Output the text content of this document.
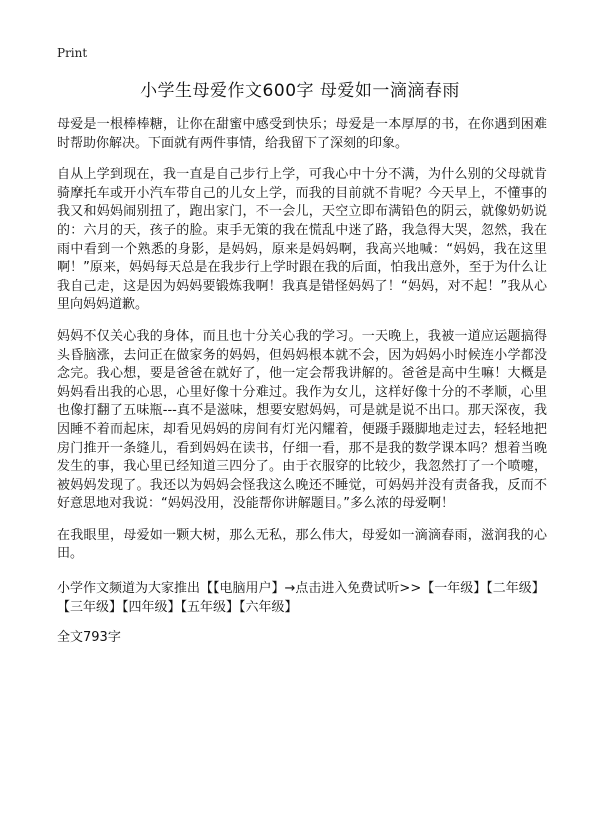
Print
小学生母爱作文600字 母爱如一滴滴春雨

母爱是一根棒棒糖，让你在甜蜜中感受到快乐；母爱是一本厚厚的书，在你遇到困难时帮助你解决。下面就有两件事情，给我留下了深刻的印象。

自从上学到现在，我一直是自己步行上学，可我心中十分不满，为什么别的父母就肯骑摩托车或开小汽车带自己的儿女上学，而我的目前就不肯呢？今天早上，不懂事的我又和妈妈闹别扭了，跑出家门，不一会儿，天空立即布满铅色的阴云，就像奶奶说的：六月的天，孩子的脸。束手无策的我在慌乱中迷了路，我急得大哭，忽然，我在雨中看到一个熟悉的身影，是妈妈，原来是妈妈啊，我高兴地喊：“妈妈，我在这里啊！”原来，妈妈每天总是在我步行上学时跟在我的后面，怕我出意外，至于为什么让我自己走，这是因为妈妈要锻炼我啊！我真是错怪妈妈了！“妈妈，对不起！”我从心里向妈妈道歉。

妈妈不仅关心我的身体，而且也十分关心我的学习。一天晚上，我被一道应运题搞得头昏脑涨，去问正在做家务的妈妈，但妈妈根本就不会，因为妈妈小时候连小学都没念完。我心想，要是爸爸在就好了，他一定会帮我讲解的。爸爸是高中生嘛！大概是妈妈看出我的心思，心里好像十分难过。我作为女儿，这样好像十分的不孝顺，心里也像打翻了五味瓶---真不是滋味，想要安慰妈妈，可是就是说不出口。那天深夜，我因睡不着而起床，却看见妈妈的房间有灯光闪耀着，便蹑手蹑脚地走过去，轻轻地把房门推开一条缝儿，看到妈妈在读书，仔细一看，那不是我的数学课本吗？想着当晚发生的事，我心里已经知道三四分了。由于衣服穿的比较少，我忽然打了一个喷嚏，被妈妈发现了。我还以为妈妈会怪我这么晚还不睡觉，可妈妈并没有责备我，反而不好意思地对我说：“妈妈没用，没能帮你讲解题目。”多么浓的母爱啊！

在我眼里，母爱如一颗大树，那么无私，那么伟大，母爱如一滴滴春雨，滋润我的心田。

小学作文频道为大家推出【【电脑用户】→点击进入免费试听>>【一年级】【二年级】【三年级】【四年级】【五年级】【六年级】

全文793字
